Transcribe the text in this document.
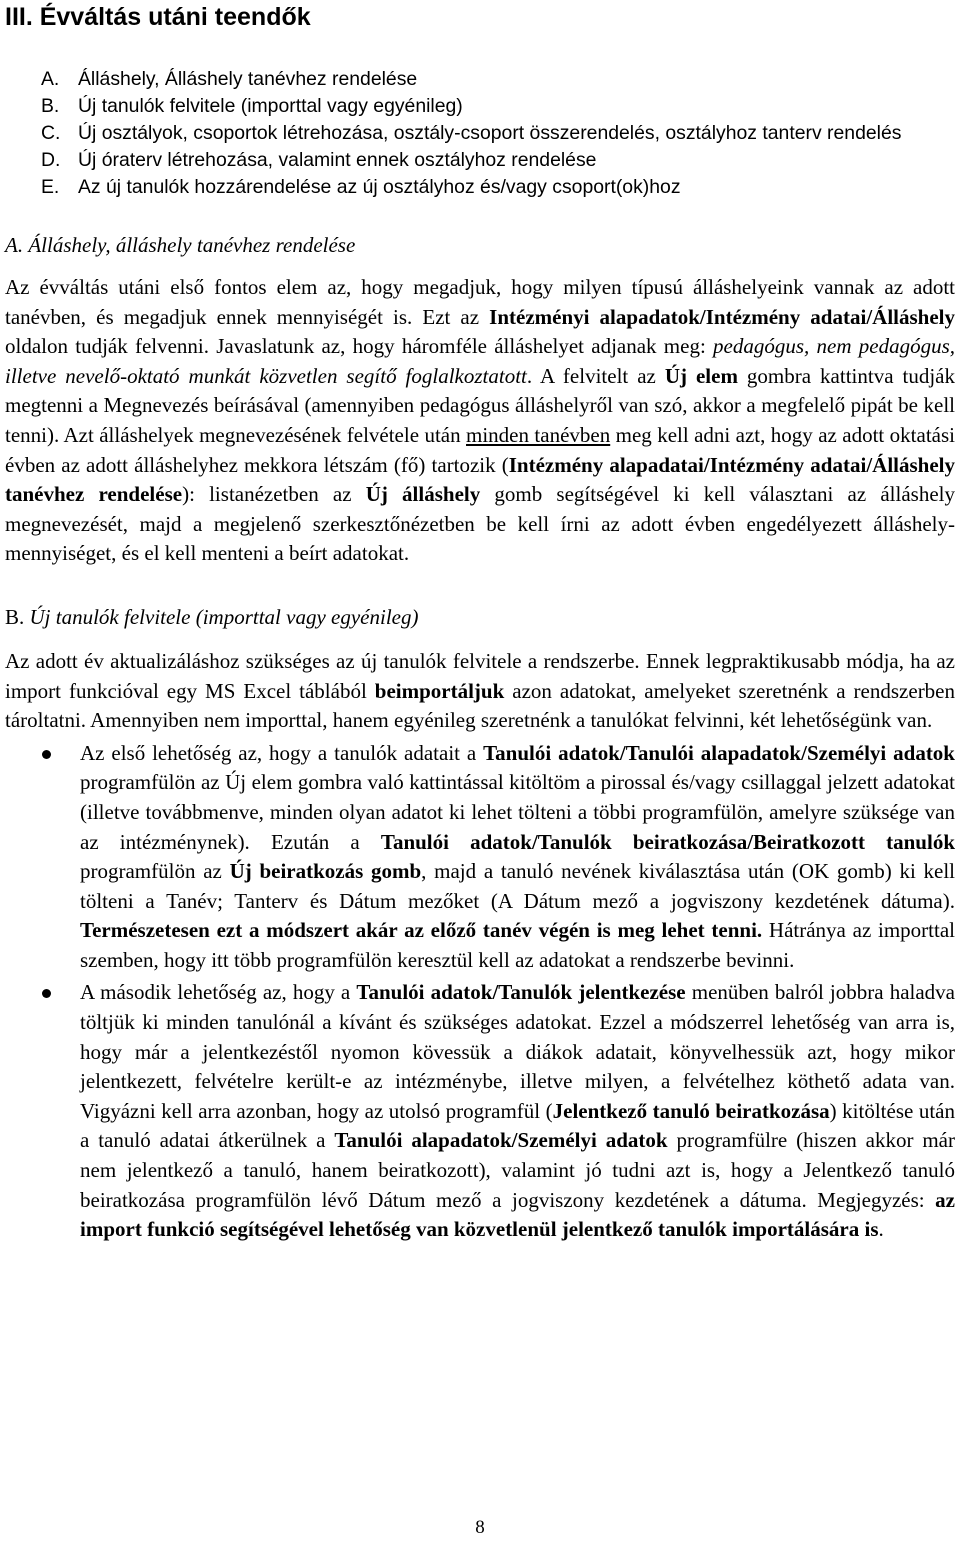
III. Évváltás utáni teendők
A. Álláshely, Álláshely tanévhez rendelése
B. Új tanulók felvitele (importtal vagy egyénileg)
C. Új osztályok, csoportok létrehozása, osztály-csoport összerendelés, osztályhoz tanterv rendelés
D. Új óraterv létrehozása, valamint ennek osztályhoz rendelése
E. Az új tanulók hozzárendelése az új osztályhoz és/vagy csoport(ok)hoz
A. Álláshely, álláshely tanévhez rendelése

Az évváltás utáni első fontos elem az, hogy megadjuk, hogy milyen típusú álláshelyeink vannak az adott tanévben, és megadjuk ennek mennyiségét is. Ezt az Intézményi alapadatok/Intézmény adatai/Álláshely oldalon tudják felvenni. Javaslatunk az, hogy háromféle álláshelyet adjanak meg: pedagógus, nem pedagógus, illetve nevelő-oktató munkát közvetlen segítő foglalkoztatott. A felvitelt az Új elem gombra kattintva tudják megtenni a Megnevezés beírásával (amennyiben pedagógus álláshelyről van szó, akkor a megfelelő pipát be kell tenni). Azt álláshelyek megnevezésének felvétele után minden tanévben meg kell adni azt, hogy az adott oktatási évben az adott álláshelyhez mekkora létszám (fő) tartozik (Intézmény alapadatai/Intézmény adatai/Álláshely tanévhez rendelése): listanézetben az Új álláshely gomb segítségével ki kell választani az álláshely megnevezését, majd a megjelenő szerkesztőnézetben be kell írni az adott évben engedélyezett álláshely-mennyiséget, és el kell menteni a beírt adatokat.

B. Új tanulók felvitele (importtal vagy egyénileg)

Az adott év aktualizáláshoz szükséges az új tanulók felvitele a rendszerbe. Ennek legpraktikusabb módja, ha az import funkcióval egy MS Excel táblából beimportáljuk azon adatokat, amelyeket szeretnénk a rendszerben tároltatni. Amennyiben nem importtal, hanem egyénileg szeretnénk a tanulókat felvinni, két lehetőségünk van.

Az első lehetőség az, hogy a tanulók adatait a Tanulói adatok/Tanulói alapadatok/Személyi adatok programfülön az Új elem gombra való kattintással kitöltöm a pirossal és/vagy csillaggal jelzett adatokat (illetve továbbmenve, minden olyan adatot ki lehet tölteni a többi programfülön, amelyre szüksége van az intézménynek). Ezután a Tanulói adatok/Tanulók beiratkozása/Beiratkozott tanulók programfülön az Új beiratkozás gomb, majd a tanuló nevének kiválasztása után (OK gomb) ki kell tölteni a Tanév; Tanterv és Dátum mezőket (A Dátum mező a jogviszony kezdetének dátuma). Természetesen ezt a módszert akár az előző tanév végén is meg lehet tenni. Hátránya az importtal szemben, hogy itt több programfülön keresztül kell az adatokat a rendszerbe bevinni.

A második lehetőség az, hogy a Tanulói adatok/Tanulók jelentkezése menüben balról jobbra haladva töltjük ki minden tanulónál a kívánt és szükséges adatokat. Ezzel a módszerrel lehetőség van arra is, hogy már a jelentkezéstől nyomon kövessük a diákok adatait, könyvelhessük azt, hogy mikor jelentkezett, felvételre került-e az intézménybe, illetve milyen, a felvételhez köthető adata van. Vigyázni kell arra azonban, hogy az utolsó programfül (Jelentkező tanuló beiratkozása) kitöltése után a tanuló adatai átkerülnek a Tanulói alapadatok/Személyi adatok programfülre (hiszen akkor már nem jelentkező a tanuló, hanem beiratkozott), valamint jó tudni azt is, hogy a Jelentkező tanuló beiratkozása programfülön lévő Dátum mező a jogviszony kezdetének a dátuma. Megjegyzés: az import funkció segítségével lehetőség van közvetlenül jelentkező tanulók importálására is.

8
